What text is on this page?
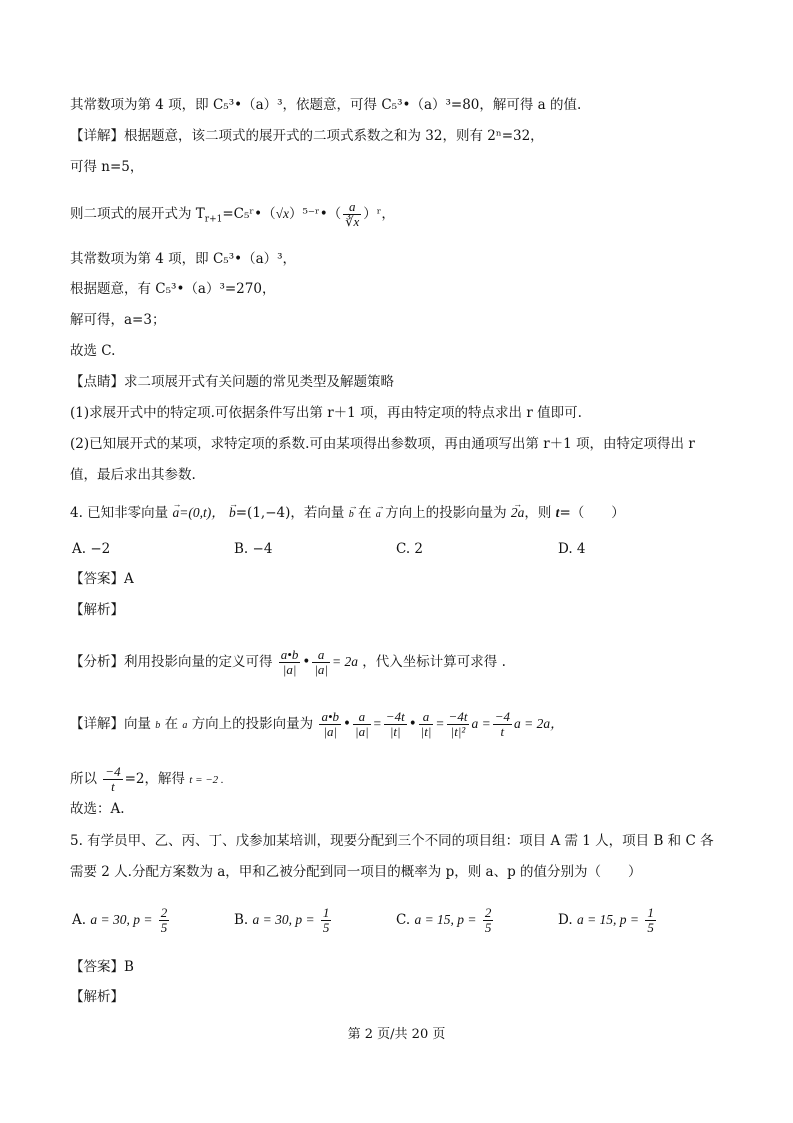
其常数项为第 4 项，即 C₅³•（a）³，依题意，可得 C₅³•（a）³=80，解可得 a 的值.
【详解】根据题意，该二项式的展开式的二项式系数之和为 32，则有 2ⁿ=32，
可得 n=5，
则二项式的展开式为 $T_{r+1}=C_5ʳ•(√x)^{5-}ʳ•( \frac{a}{∛x}$ ）ʳ，
其常数项为第 4 项，即 C₅³•（a）³，
根据题意，有 C₅³•（a）³=270，
解可得，a=3；
故选 C.
【点睛】求二项展开式有关问题的常见类型及解题策略
(1)求展开式中的特定项.可依据条件写出第 r＋1 项，再由特定项的特点求出 r 值即可.
(2)已知展开式的某项，求特定项的系数.可由某项得出参数项，再由通项写出第 r＋1 项，由特定项得出 r
值，最后求出其参数.
4. 已知非零向量 → a=(0,t)， → b=(1,−4)，若向量 → b 在 → a 方向上的投影向量为 → 2a，则 t=（　　）
A. −2	B. −4	C. 2	D. 4
【答案】A
【解析】
【分析】利用投影向量的定义可得 $\frac{a•b}{|a|}$ • $\frac{a}{|a|} = 2a$ ，代入坐标计算可求得 .
【详解】向量 b 在 a 方向上的投影向量为 $\frac{a•b}{|a|}$ • $\frac{a}{|a|} = \frac{-4t}{|t|}$ • $\frac{a}{|t|} = \frac{-4t}{\text{|t|²}}$ $a = \frac{-4}{t}$ a = 2a，
所以 $\frac{-4}{t} =2$，解得 t = −2 .
故选：A.
5. 有学员甲、乙、丙、丁、戊参加某培训，现要分配到三个不同的项目组：项目 A 需 1 人，项目 B 和 C 各
需要 2 人.分配方案数为 a，甲和乙被分配到同一项目的概率为 p，则 a、p 的值分别为（　　）
A. a = 30, $p = \frac{2}{5}$	B. a = 30, $p = \frac{1}{5}$	C. a = 15, $p = \frac{2}{5}$	D. a = 15, $p = \frac{1}{5}$
【答案】B
【解析】
第 2 页/共 20 页
